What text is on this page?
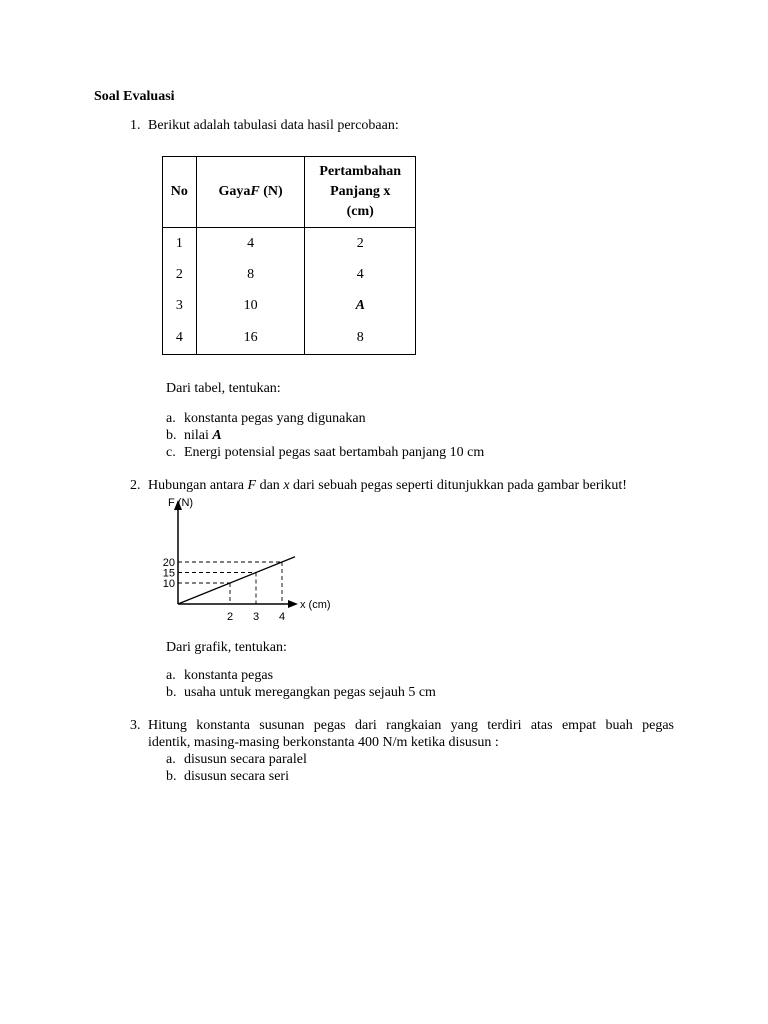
Soal Evaluasi
1. Berikut adalah tabulasi data hasil percobaan:
No	GayaF (N)	Pertambahan
Panjang x
(cm)

1	4	2
2	8	4
3	10	A
4	16	8
Dari tabel, tentukan:
a. konstanta pegas yang digunakan
b. nilai A
c. Energi potensial pegas saat bertambah panjang 10 cm
2. Hubungan antara F dan x dari sebuah pegas seperti ditunjukkan pada gambar berikut!
F (N)
x (cm)
10
2
15
3
20
4
Dari grafik, tentukan:
a. konstanta pegas
b. usaha untuk meregangkan pegas sejauh 5 cm
3. Hitung konstanta susunan pegas dari rangkaian yang terdiri atas empat buah pegas
identik, masing-masing berkonstanta 400 N/m ketika disusun :
a. disusun secara paralel
b. disusun secara seri
